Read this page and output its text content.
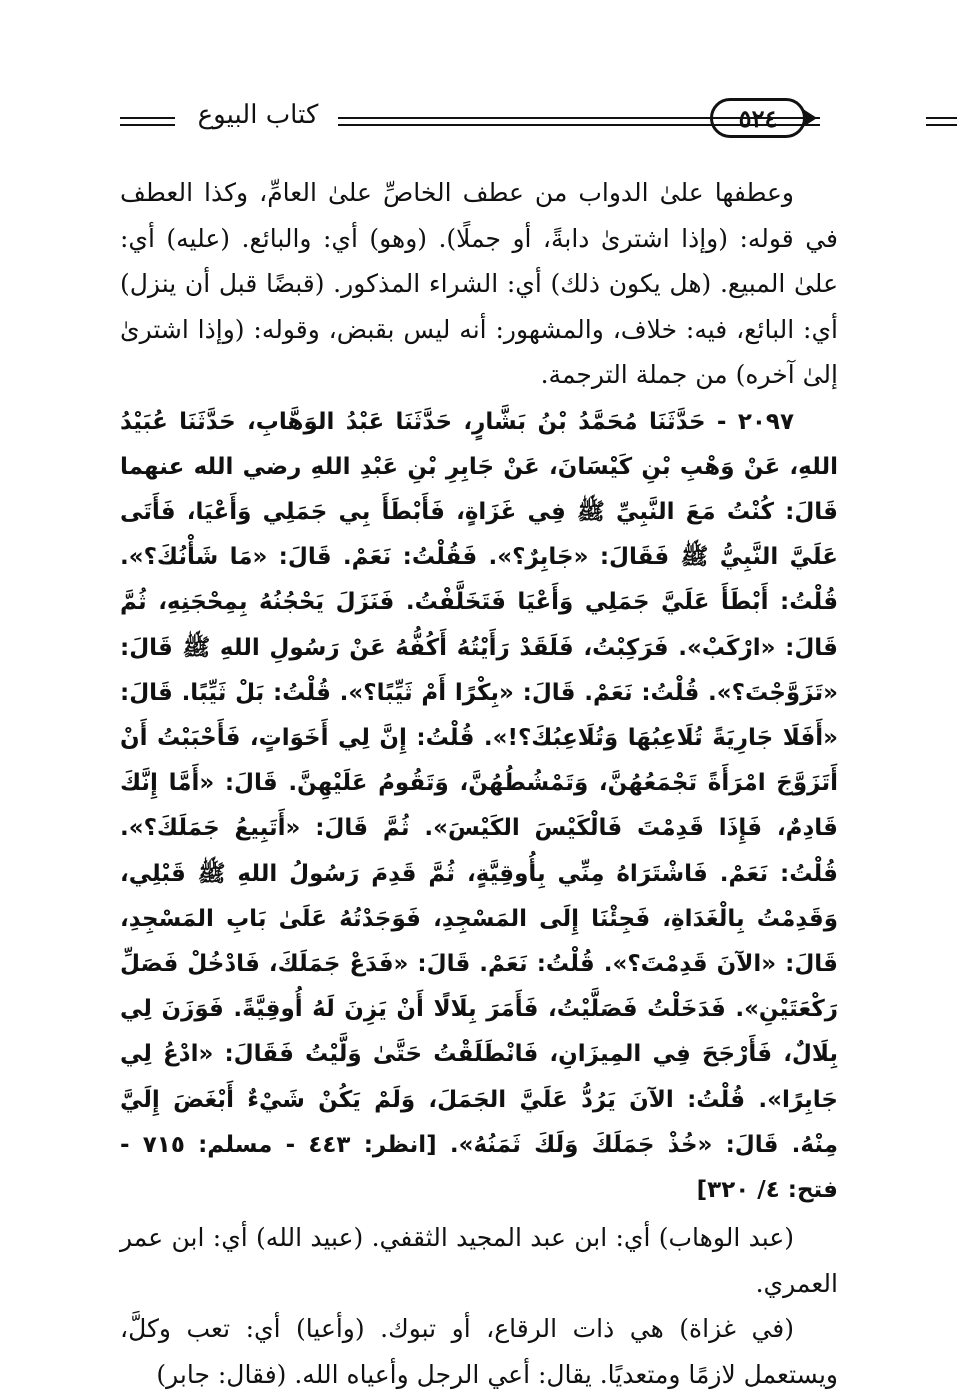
كتاب البيوع	٥٢٤

وعطفها علىٰ الدواب من عطف الخاصِّ علىٰ العامِّ، وكذا العطف في قوله: (وإذا اشترىٰ دابةً، أو جملًا). (وهو) أي: والبائع. (عليه) أي: علىٰ المبيع. (هل يكون ذلك) أي: الشراء المذكور. (قبضًا قبل أن ينزل) أي: البائع، فيه: خلاف، والمشهور: أنه ليس بقبض، وقوله: (وإذا اشترىٰ إلىٰ آخره) من جملة الترجمة.

٢٠٩٧ - حَدَّثَنَا مُحَمَّدُ بْنُ بَشَّارٍ، حَدَّثَنَا عَبْدُ الوَهَّابِ، حَدَّثَنَا عُبَيْدُ اللهِ، عَنْ وَهْبِ بْنِ كَيْسَانَ، عَنْ جَابِرِ بْنِ عَبْدِ اللهِ رضي الله عنهما قَالَ: كُنْتُ مَعَ النَّبِيِّ ﷺ فِي غَزَاةٍ، فَأَبْطَأَ بِي جَمَلِي وَأَعْيَا، فَأَتَى عَلَيَّ النَّبِيُّ ﷺ فَقَالَ: «جَابِرٌ؟». فَقُلْتُ: نَعَمْ. قَالَ: «مَا شَأْنُكَ؟». قُلْتُ: أَبْطَأَ عَلَيَّ جَمَلِي وَأَعْيَا فَتَخَلَّفْتُ. فَنَزَلَ يَحْجُنُهُ بِمِحْجَنِهِ، ثُمَّ قَالَ: «ارْكَبْ». فَرَكِبْتُ، فَلَقَدْ رَأَيْتُهُ أَكُفُّهُ عَنْ رَسُولِ اللهِ ﷺ قَالَ: «تَزَوَّجْتَ؟». قُلْتُ: نَعَمْ. قَالَ: «بِكْرًا أَمْ ثَيِّبًا؟». قُلْتُ: بَلْ ثَيِّبًا. قَالَ: «أَفَلَا جَارِيَةً تُلَاعِبُهَا وَتُلَاعِبُكَ؟!». قُلْتُ: إِنَّ لِي أَخَوَاتٍ، فَأَحْبَبْتُ أَنْ أَتَزَوَّجَ امْرَأَةً تَجْمَعُهُنَّ، وَتَمْشُطُهُنَّ، وَتَقُومُ عَلَيْهِنَّ. قَالَ: «أَمَّا إِنَّكَ قَادِمٌ، فَإِذَا قَدِمْتَ فَالْكَيْسَ الكَيْسَ». ثُمَّ قَالَ: «أَتَبِيعُ جَمَلَكَ؟». قُلْتُ: نَعَمْ. فَاشْتَرَاهُ مِنِّي بِأُوقِيَّةٍ، ثُمَّ قَدِمَ رَسُولُ اللهِ ﷺ قَبْلِي، وَقَدِمْتُ بِالْغَدَاةِ، فَجِئْنَا إِلَى المَسْجِدِ، فَوَجَدْتُهُ عَلَىٰ بَابِ المَسْجِدِ، قَالَ: «الآنَ قَدِمْتَ؟». قُلْتُ: نَعَمْ. قَالَ: «فَدَعْ جَمَلَكَ، فَادْخُلْ فَصَلِّ رَكْعَتَيْنِ». فَدَخَلْتُ فَصَلَّيْتُ، فَأَمَرَ بِلَالًا أَنْ يَزِنَ لَهُ أُوقِيَّةً. فَوَزَنَ لِي بِلَالٌ، فَأَرْجَحَ فِي المِيزَانِ، فَانْطَلَقْتُ حَتَّىٰ وَلَّيْتُ فَقَالَ: «ادْعُ لِي جَابِرًا». قُلْتُ: الآنَ يَرُدُّ عَلَيَّ الجَمَلَ، وَلَمْ يَكُنْ شَيْءٌ أَبْغَضَ إِلَيَّ مِنْهُ. قَالَ: «خُذْ جَمَلَكَ وَلَكَ ثَمَنُهُ». [انظر: ٤٤٣ - مسلم: ٧١٥ - فتح: ٤/ ٣٢٠]

(عبد الوهاب) أي: ابن عبد المجيد الثقفي. (عبيد الله) أي: ابن عمر العمري.

(في غزاة) هي ذات الرقاع، أو تبوك. (وأعيا) أي: تعب وكلَّ، ويستعمل لازمًا ومتعديًا. يقال: أعي الرجل وأعياه الله. (فقال: جابر)
